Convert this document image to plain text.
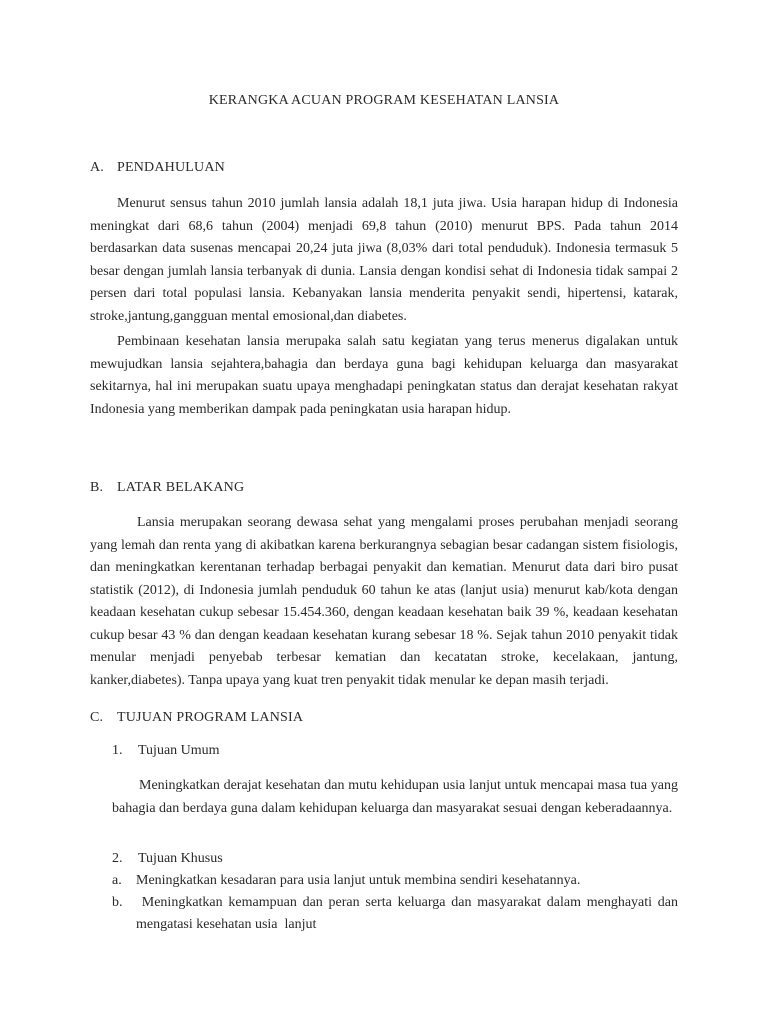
KERANGKA ACUAN PROGRAM KESEHATAN LANSIA
A. PENDAHULUAN
Menurut sensus tahun 2010 jumlah lansia adalah 18,1 juta jiwa. Usia harapan hidup di Indonesia meningkat dari 68,6 tahun (2004) menjadi 69,8 tahun (2010) menurut BPS. Pada tahun 2014 berdasarkan data susenas mencapai 20,24 juta jiwa (8,03% dari total penduduk). Indonesia termasuk 5 besar dengan jumlah lansia terbanyak di dunia. Lansia dengan kondisi sehat di Indonesia tidak sampai 2 persen dari total populasi lansia. Kebanyakan lansia menderita penyakit sendi, hipertensi, katarak, stroke,jantung,gangguan mental emosional,dan diabetes.
Pembinaan kesehatan lansia merupaka salah satu kegiatan yang terus menerus digalakan untuk mewujudkan lansia sejahtera,bahagia dan berdaya guna bagi kehidupan keluarga dan masyarakat sekitarnya, hal ini merupakan suatu upaya menghadapi peningkatan status dan derajat kesehatan rakyat Indonesia yang memberikan dampak pada peningkatan usia harapan hidup.
B. LATAR BELAKANG
Lansia merupakan seorang dewasa sehat yang mengalami proses perubahan menjadi seorang yang lemah dan renta yang di akibatkan karena berkurangnya sebagian besar cadangan sistem fisiologis, dan meningkatkan kerentanan terhadap berbagai penyakit dan kematian. Menurut data dari biro pusat statistik (2012), di Indonesia jumlah penduduk 60 tahun ke atas (lanjut usia) menurut kab/kota dengan keadaan kesehatan cukup sebesar 15.454.360, dengan keadaan kesehatan baik 39 %, keadaan kesehatan cukup besar 43 % dan dengan keadaan kesehatan kurang sebesar 18 %. Sejak tahun 2010 penyakit tidak menular menjadi penyebab terbesar kematian dan kecatatan stroke, kecelakaan, jantung, kanker,diabetes). Tanpa upaya yang kuat tren penyakit tidak menular ke depan masih terjadi.
C. TUJUAN PROGRAM LANSIA
1. Tujuan Umum
Meningkatkan derajat kesehatan dan mutu kehidupan usia lanjut untuk mencapai masa tua yang bahagia dan berdaya guna dalam kehidupan keluarga dan masyarakat sesuai dengan keberadaannya.
2. Tujuan Khusus
a. Meningkatkan kesadaran para usia lanjut untuk membina sendiri kesehatannya.
b. Meningkatkan kemampuan dan peran serta keluarga dan masyarakat dalam menghayati dan mengatasi kesehatan usia  lanjut
